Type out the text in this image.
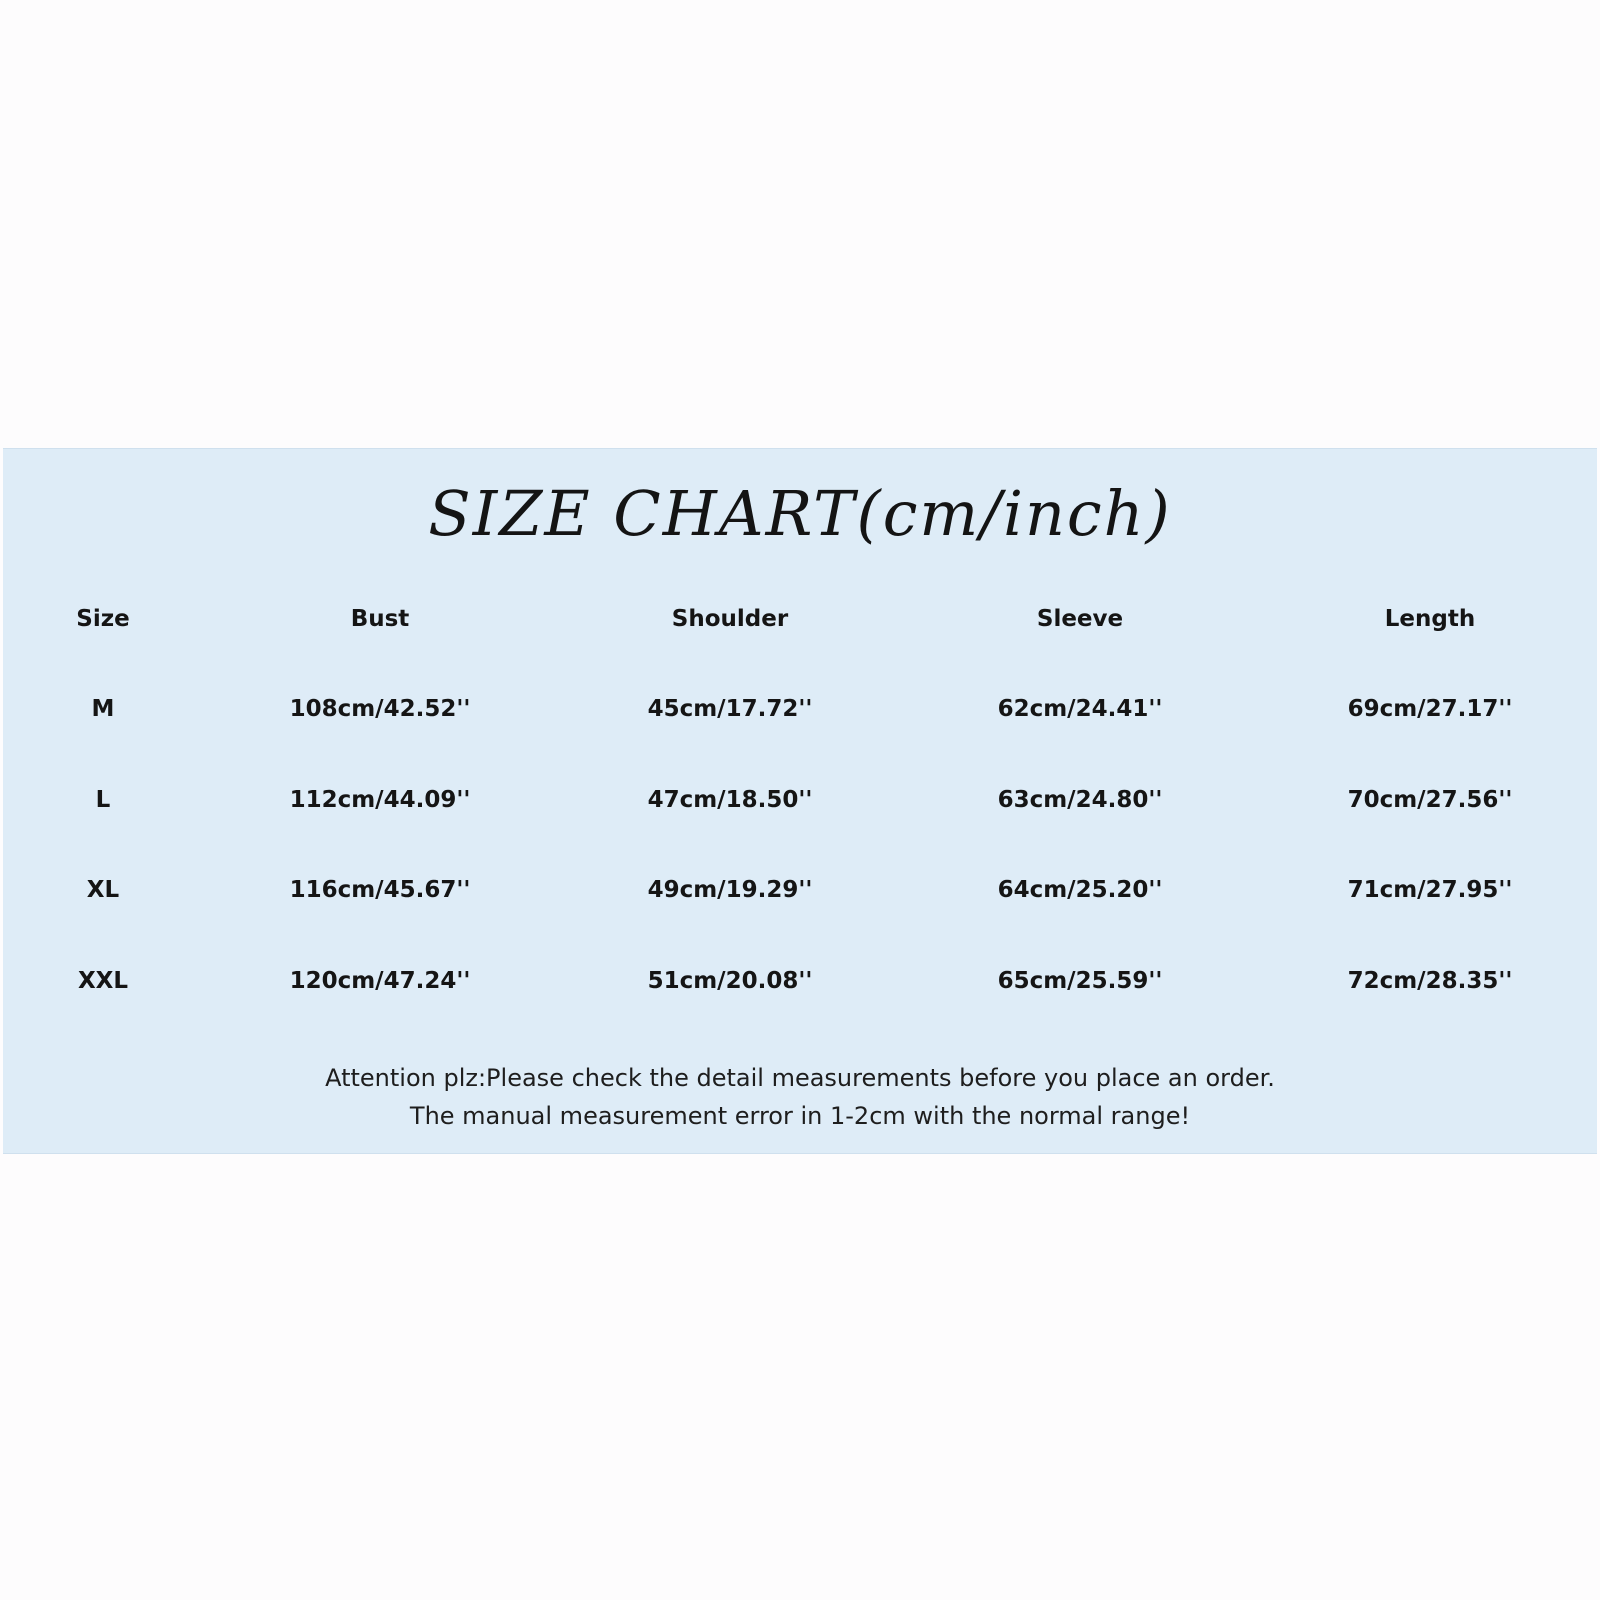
SIZE CHART(cm/inch)
Size	Bust	Shoulder	Sleeve	Length
M	108cm/42.52''	45cm/17.72''	62cm/24.41''	69cm/27.17''
L	112cm/44.09''	47cm/18.50''	63cm/24.80''	70cm/27.56''
XL	116cm/45.67''	49cm/19.29''	64cm/25.20''	71cm/27.95''
XXL	120cm/47.24''	51cm/20.08''	65cm/25.59''	72cm/28.35''
Attention plz:Please check the detail measurements before you place an order.
The manual measurement error in 1-2cm with the normal range!
